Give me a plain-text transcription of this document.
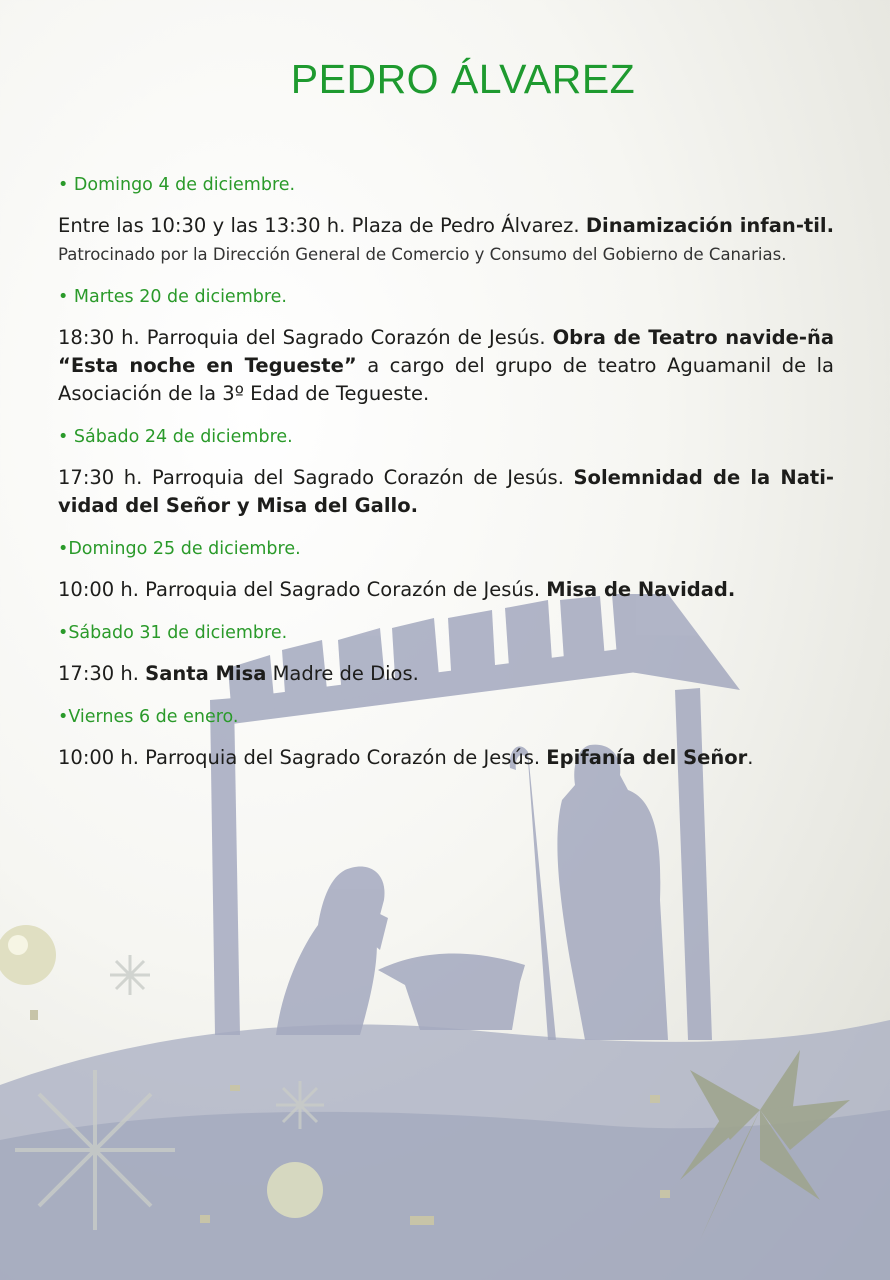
PEDRO ÁLVAREZ
• Domingo 4 de diciembre.
Entre las 10:30 y las 13:30 h. Plaza de Pedro Álvarez. Dinamización infan-til. Patrocinado por la Dirección General de Comercio y Consumo del Gobierno de Canarias.
• Martes 20 de diciembre.
18:30 h. Parroquia del Sagrado Corazón de Jesús. Obra de Teatro navide-ña “Esta noche en Tegueste” a cargo del grupo de teatro Aguamanil de la Asociación de la 3º Edad de Tegueste.
• Sábado 24 de diciembre.
17:30 h. Parroquia del Sagrado Corazón de Jesús. Solemnidad de la Nati-vidad del Señor y Misa del Gallo.
•Domingo 25 de diciembre.
10:00 h. Parroquia del Sagrado Corazón de Jesús. Misa de Navidad.
•Sábado 31 de diciembre.
17:30 h. Santa Misa Madre de Dios.
•Viernes 6 de enero.
10:00 h. Parroquia del Sagrado Corazón de Jesús. Epifanía del Señor.
